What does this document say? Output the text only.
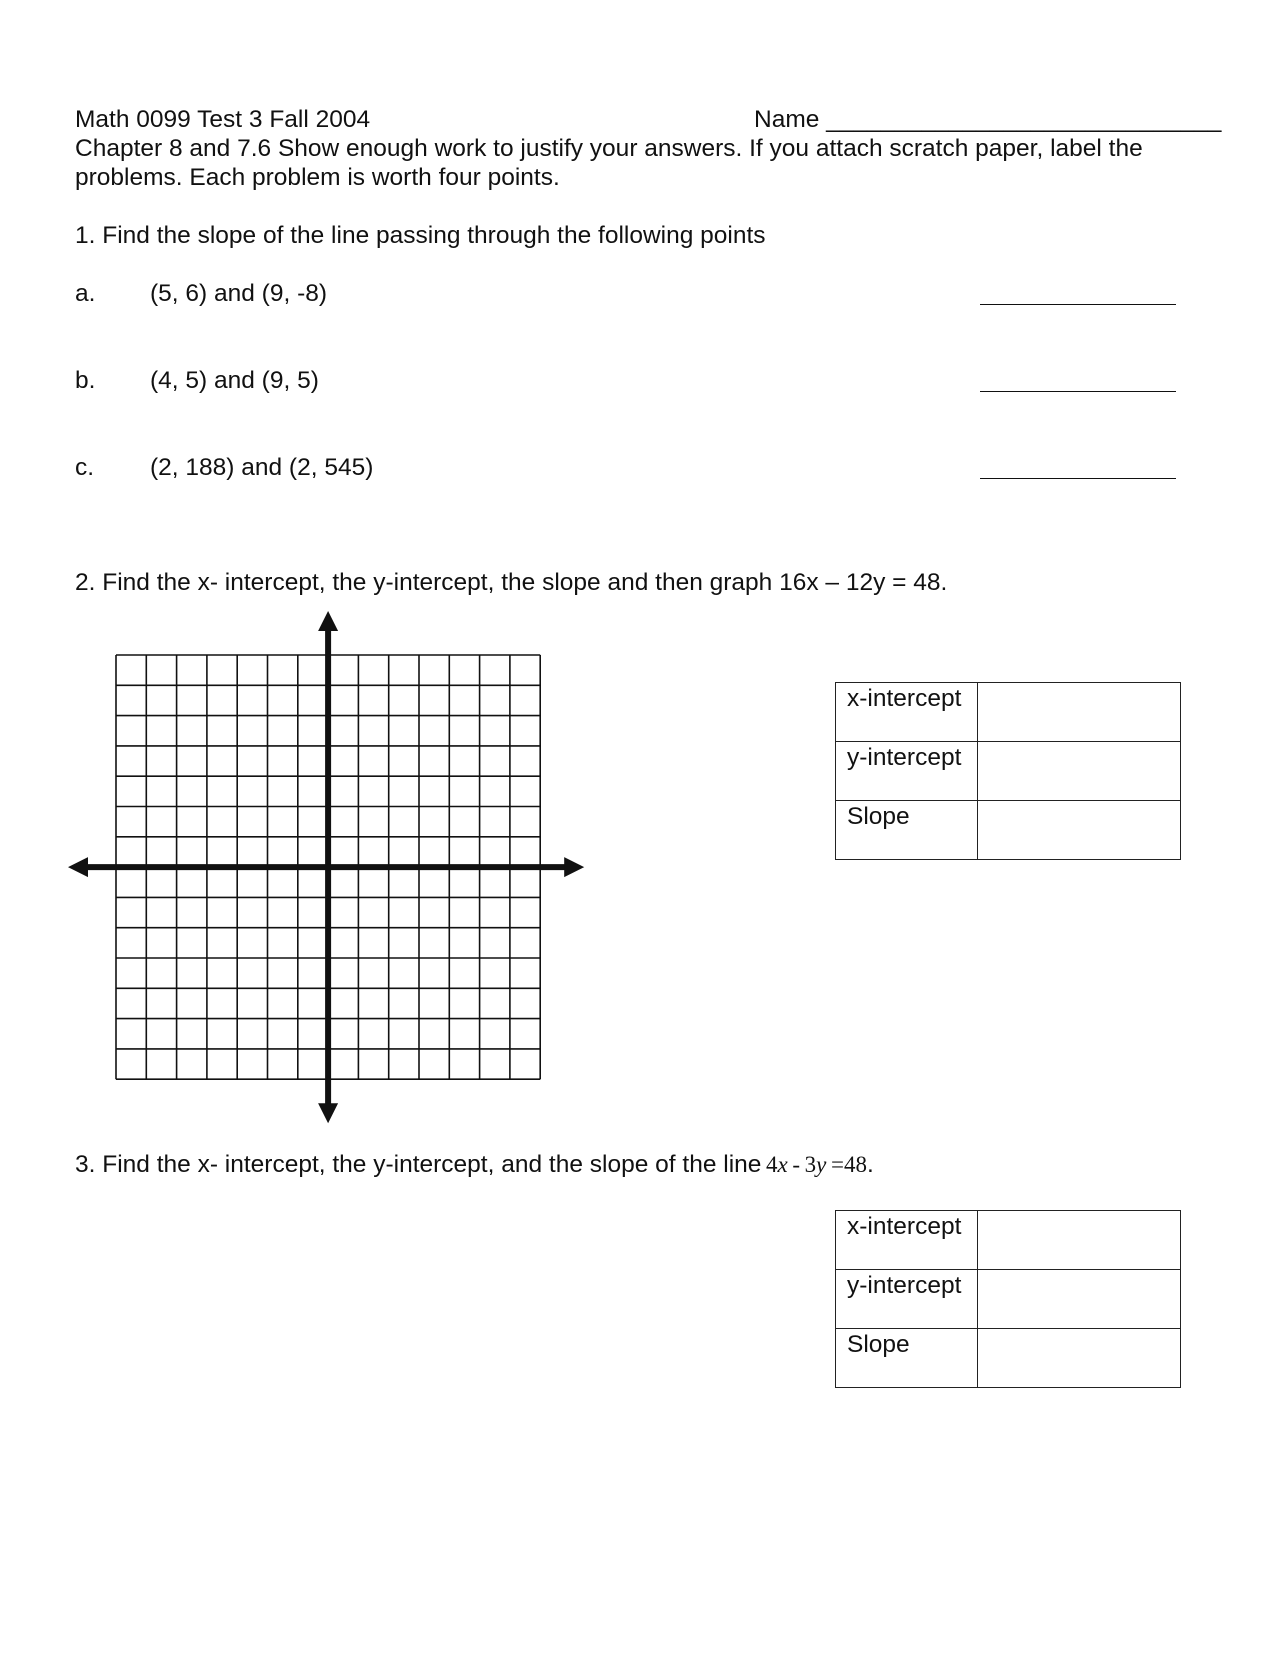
Math 0099 Test 3 Fall 2004	Name _____________________________
Chapter 8 and 7.6 Show enough work to justify your answers. If you attach scratch paper, label the
problems. Each problem is worth four points.
1. Find the slope of the line passing through the following points
a. (5, 6) and (9, -8)
b. (4, 5) and (9, 5)
c. (2, 188) and (2, 545)
2. Find the x- intercept, the y-intercept, the slope and then graph 16x – 12y = 48.
x-intercept	
y-intercept	
Slope	
3. Find the x- intercept, the y-intercept, and the slope of the line  4x  -  3y  =48.
x-intercept	
y-intercept	
Slope	
